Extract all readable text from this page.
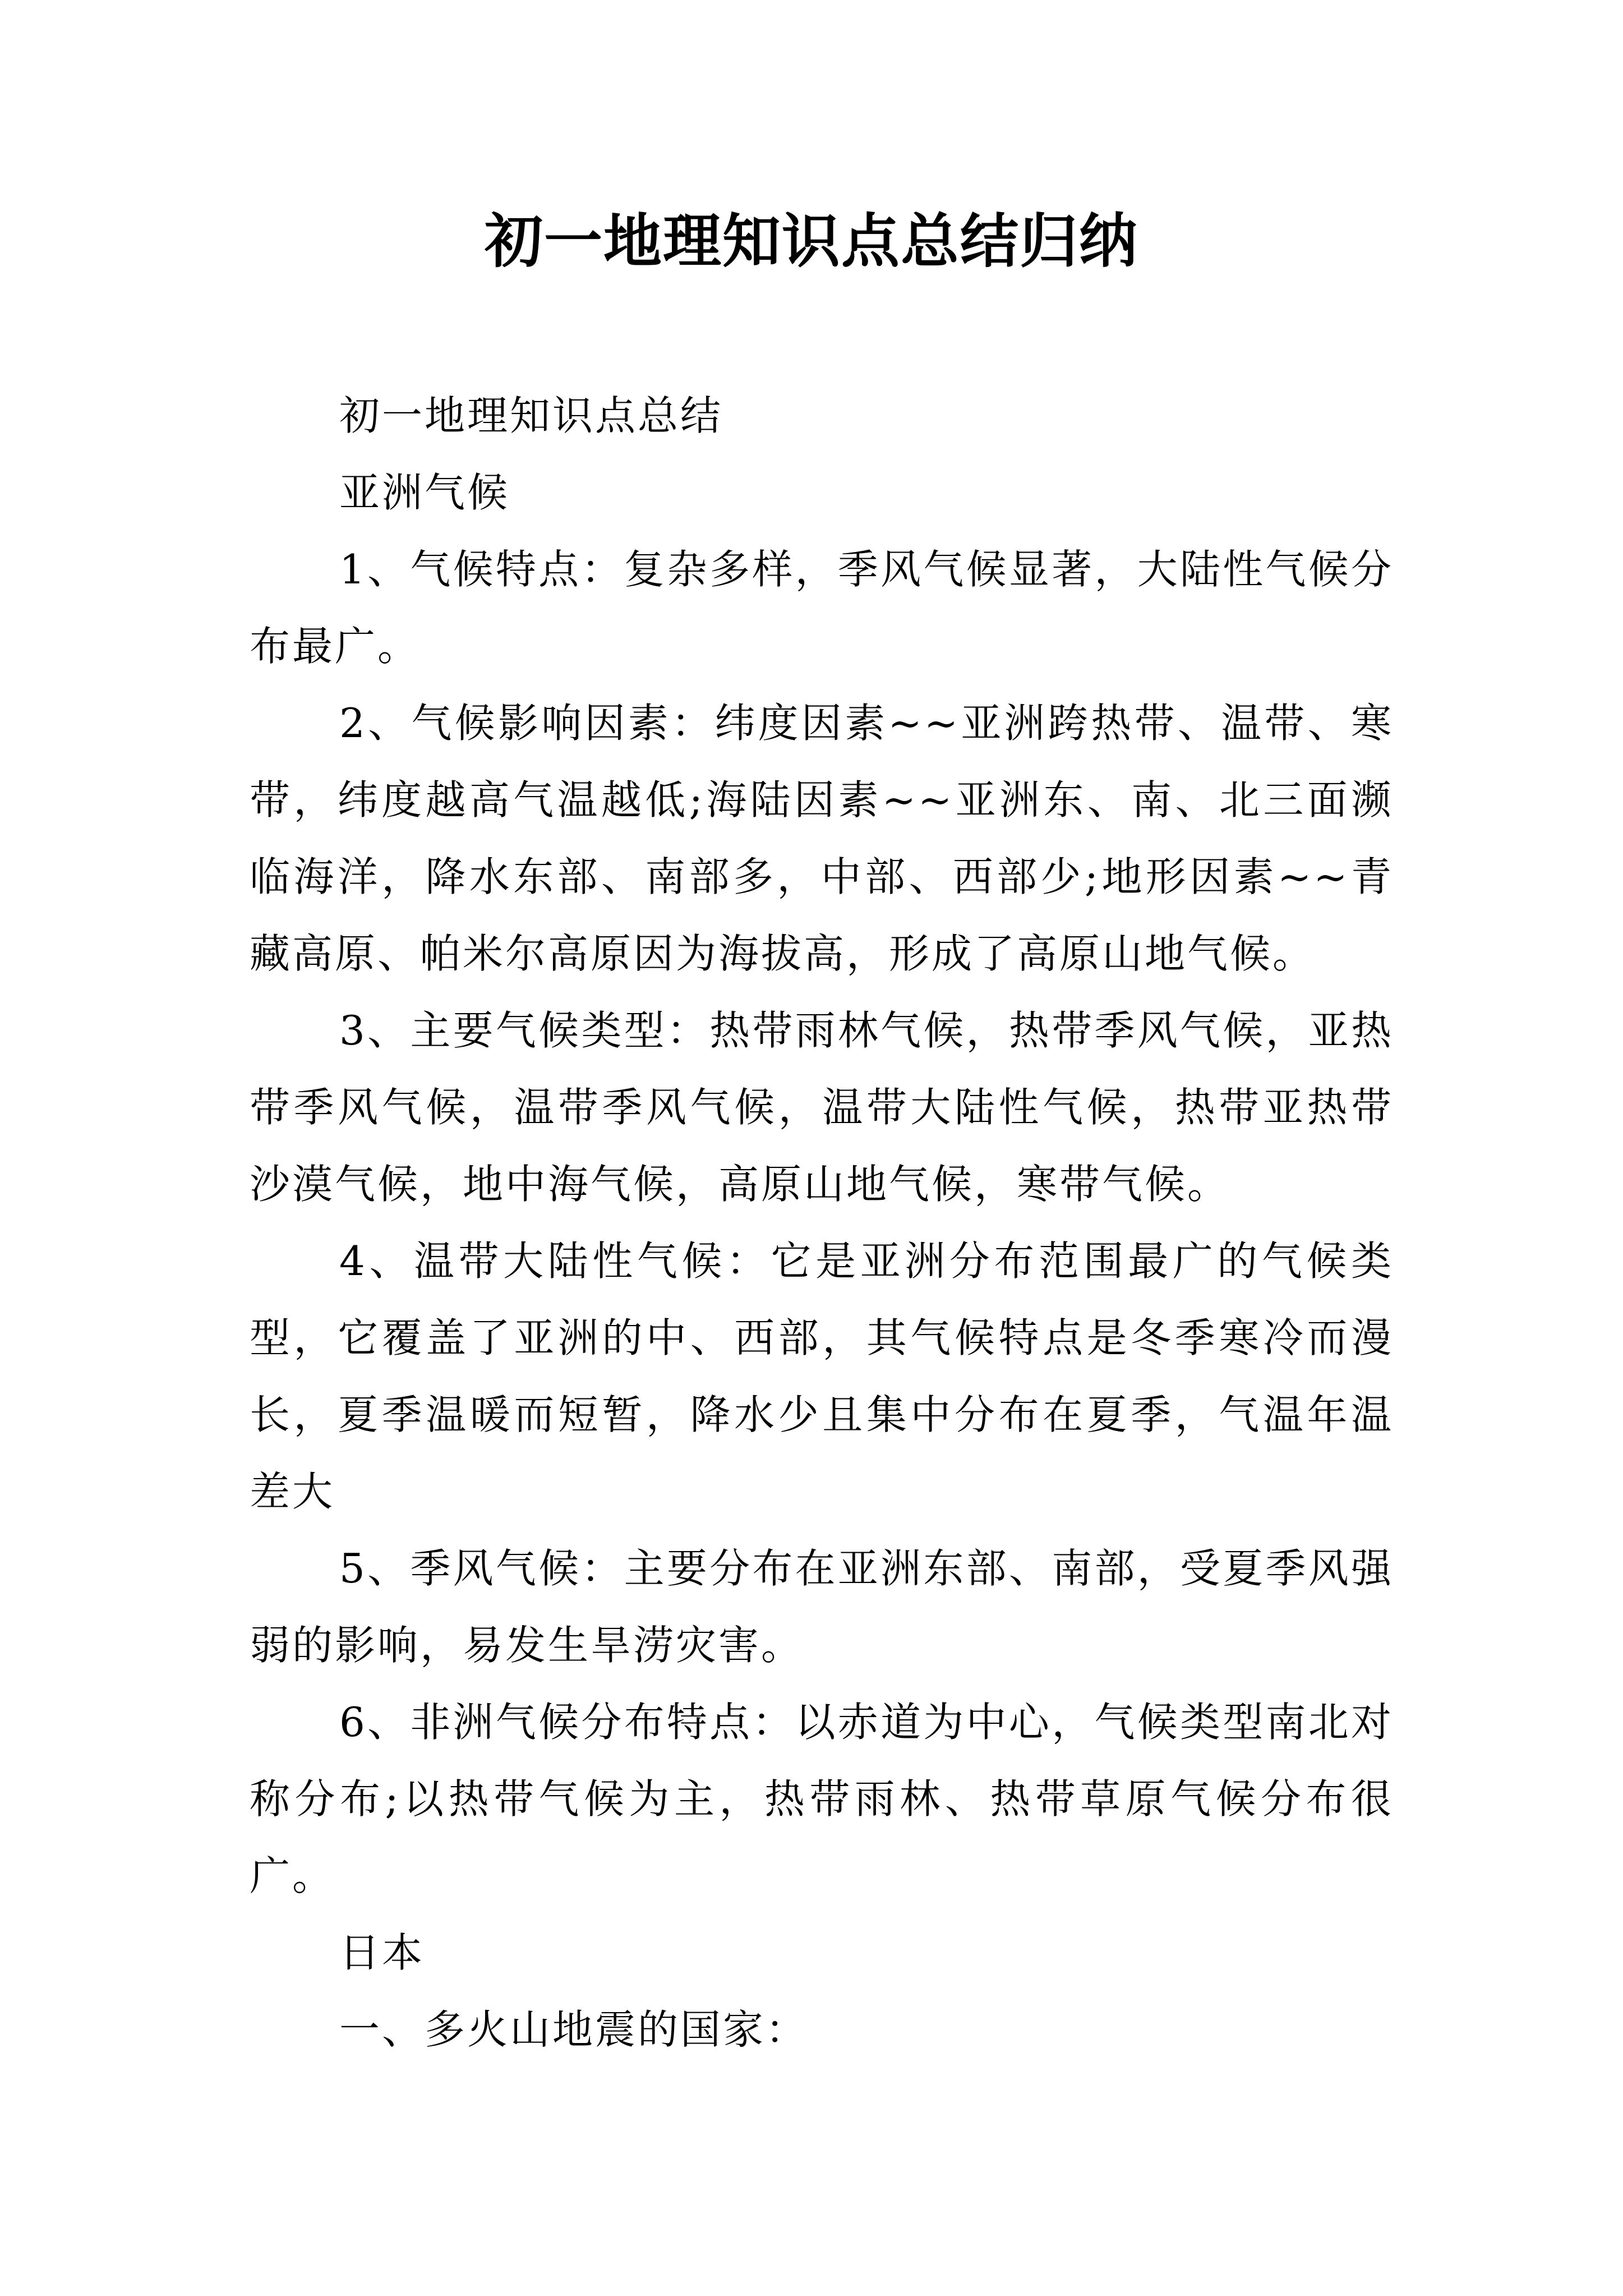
初一地理知识点总结归纳

初一地理知识点总结

亚洲气候

1、气候特点：复杂多样，季风气候显著，大陆性气候分布最广。

2、气候影响因素：纬度因素~~亚洲跨热带、温带、寒带，纬度越高气温越低;海陆因素~~亚洲东、南、北三面濒临海洋，降水东部、南部多，中部、西部少;地形因素~~青藏高原、帕米尔高原因为海拔高，形成了高原山地气候。

3、主要气候类型：热带雨林气候，热带季风气候，亚热带季风气候，温带季风气候，温带大陆性气候，热带亚热带沙漠气候，地中海气候，高原山地气候，寒带气候。

4、温带大陆性气候：它是亚洲分布范围最广的气候类型，它覆盖了亚洲的中、西部，其气候特点是冬季寒冷而漫长，夏季温暖而短暂，降水少且集中分布在夏季，气温年温差大

5、季风气候：主要分布在亚洲东部、南部，受夏季风强弱的影响，易发生旱涝灾害。

6、非洲气候分布特点：以赤道为中心，气候类型南北对称分布;以热带气候为主，热带雨林、热带草原气候分布很广。

日本

一、多火山地震的国家：
